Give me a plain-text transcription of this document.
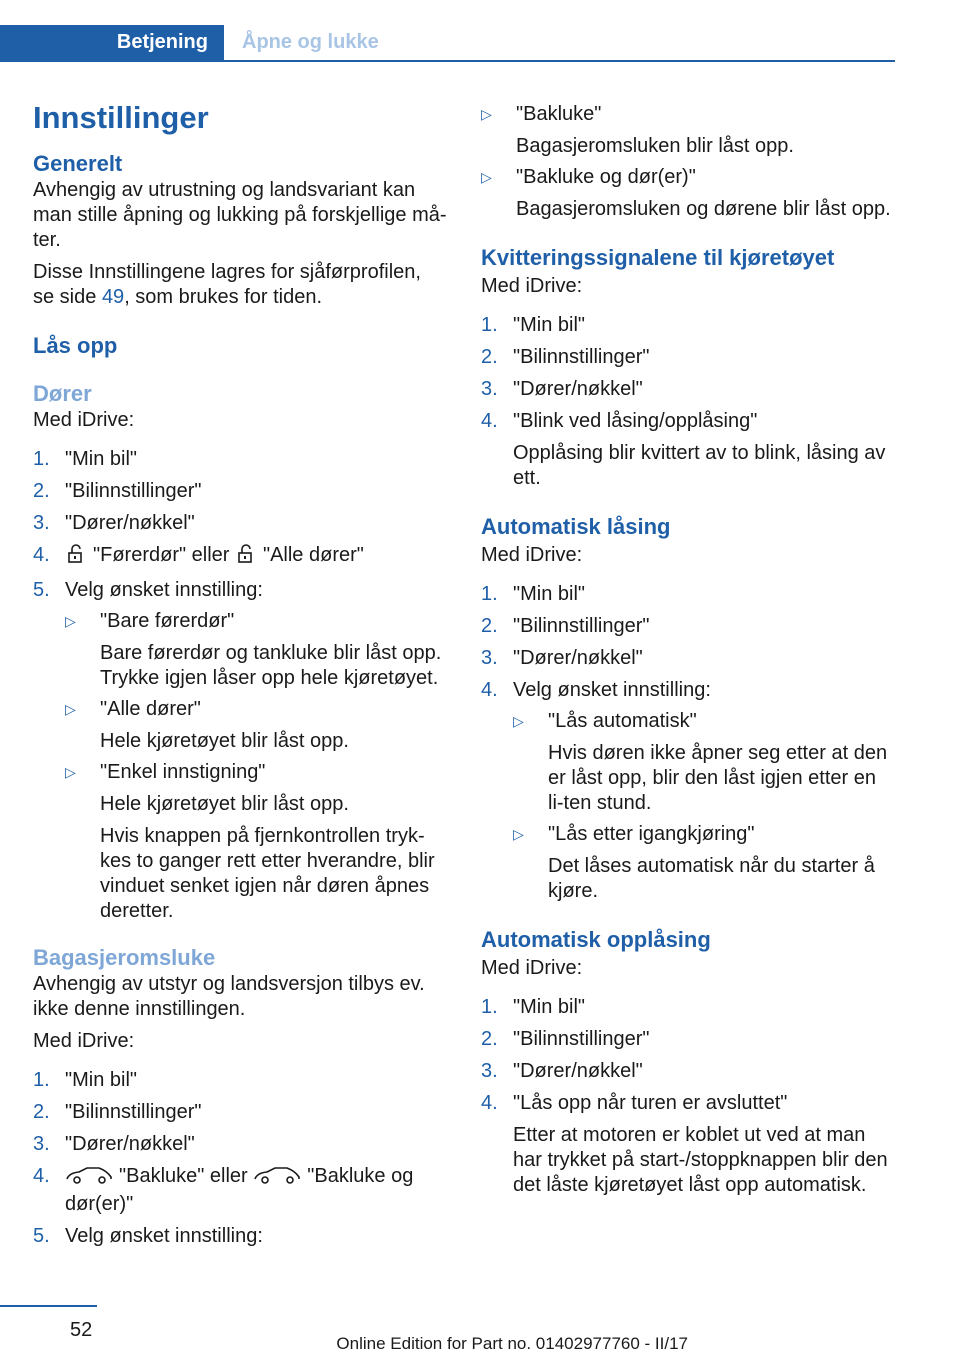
Betjening	Åpne og lukke
Innstillinger
Generelt

Avhengig av utrustning og landsvariant kan man stille åpning og lukking på forskjellige må‐ter.

Disse Innstillingene lagres for sjåførprofilen, se side 49, som brukes for tiden.

Lås opp
Dører

Med iDrive:

1. "Min bil"
2. "Bilinnstillinger"
3. "Dører/nøkkel"
4. "Førerdør" eller "Alle dører"
5. Velg ønsket innstilling:
▷ "Bare førerdør"
Bare førerdør og tankluke blir låst opp. Trykke igjen låser opp hele kjøretøyet.
▷ "Alle dører"
Hele kjøretøyet blir låst opp.
▷ "Enkel innstigning"
Hele kjøretøyet blir låst opp.
Hvis knappen på fjernkontrollen tryk‐kes to ganger rett etter hverandre, blir vinduet senket igjen når døren åpnes deretter.
Bagasjeromsluke

Avhengig av utstyr og landsversjon tilbys ev. ikke denne innstillingen.

Med iDrive:

1. "Min bil"
2. "Bilinnstillinger"
3. "Dører/nøkkel"
4.	"Bakluke" eller	"Bakluke og dør(er)"
5. Velg ønsket innstilling:
▷ "Bakluke"
Bagasjeromsluken blir låst opp.
▷ "Bakluke og dør(er)"
Bagasjeromsluken og dørene blir låst opp.
Kvitteringssignalene til kjøretøyet

Med iDrive:

1. "Min bil"
2. "Bilinnstillinger"
3. "Dører/nøkkel"
4. "Blink ved låsing/opplåsing"
Opplåsing blir kvittert av to blink, låsing av ett.
Automatisk låsing

Med iDrive:

1. "Min bil"
2. "Bilinnstillinger"
3. "Dører/nøkkel"
4. Velg ønsket innstilling:
▷ "Lås automatisk"
Hvis døren ikke åpner seg etter at den er låst opp, blir den låst igjen etter en li‐ten stund.
▷ "Lås etter igangkjøring"
Det låses automatisk når du starter å kjøre.
Automatisk opplåsing

Med iDrive:

1. "Min bil"
2. "Bilinnstillinger"
3. "Dører/nøkkel"
4. "Lås opp når turen er avsluttet"
Etter at motoren er koblet ut ved at man har trykket på start-/stoppknappen blir den det låste kjøretøyet låst opp automatisk.
52
Online Edition for Part no. 01402977760 - II/17
